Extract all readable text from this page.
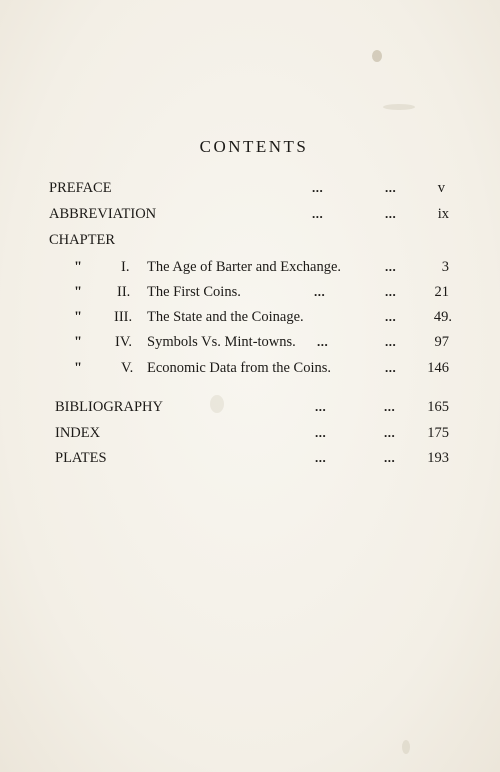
CONTENTS
PREFACE	...	...	v
ABBREVIATION	...	...	ix
CHAPTER
"	I. The Age of Barter and Exchange.	...	3
" II. The First Coins.	...	...	21
" III. The State and the Coinage.	...	49.
" IV. Symbols Vs. Mint-towns. ...	...	97
"	V. Economic Data from the Coins.	...	146
BIBLIOGRAPHY	...	...	165
INDEX	...	...	175
PLATES	...	...	193
